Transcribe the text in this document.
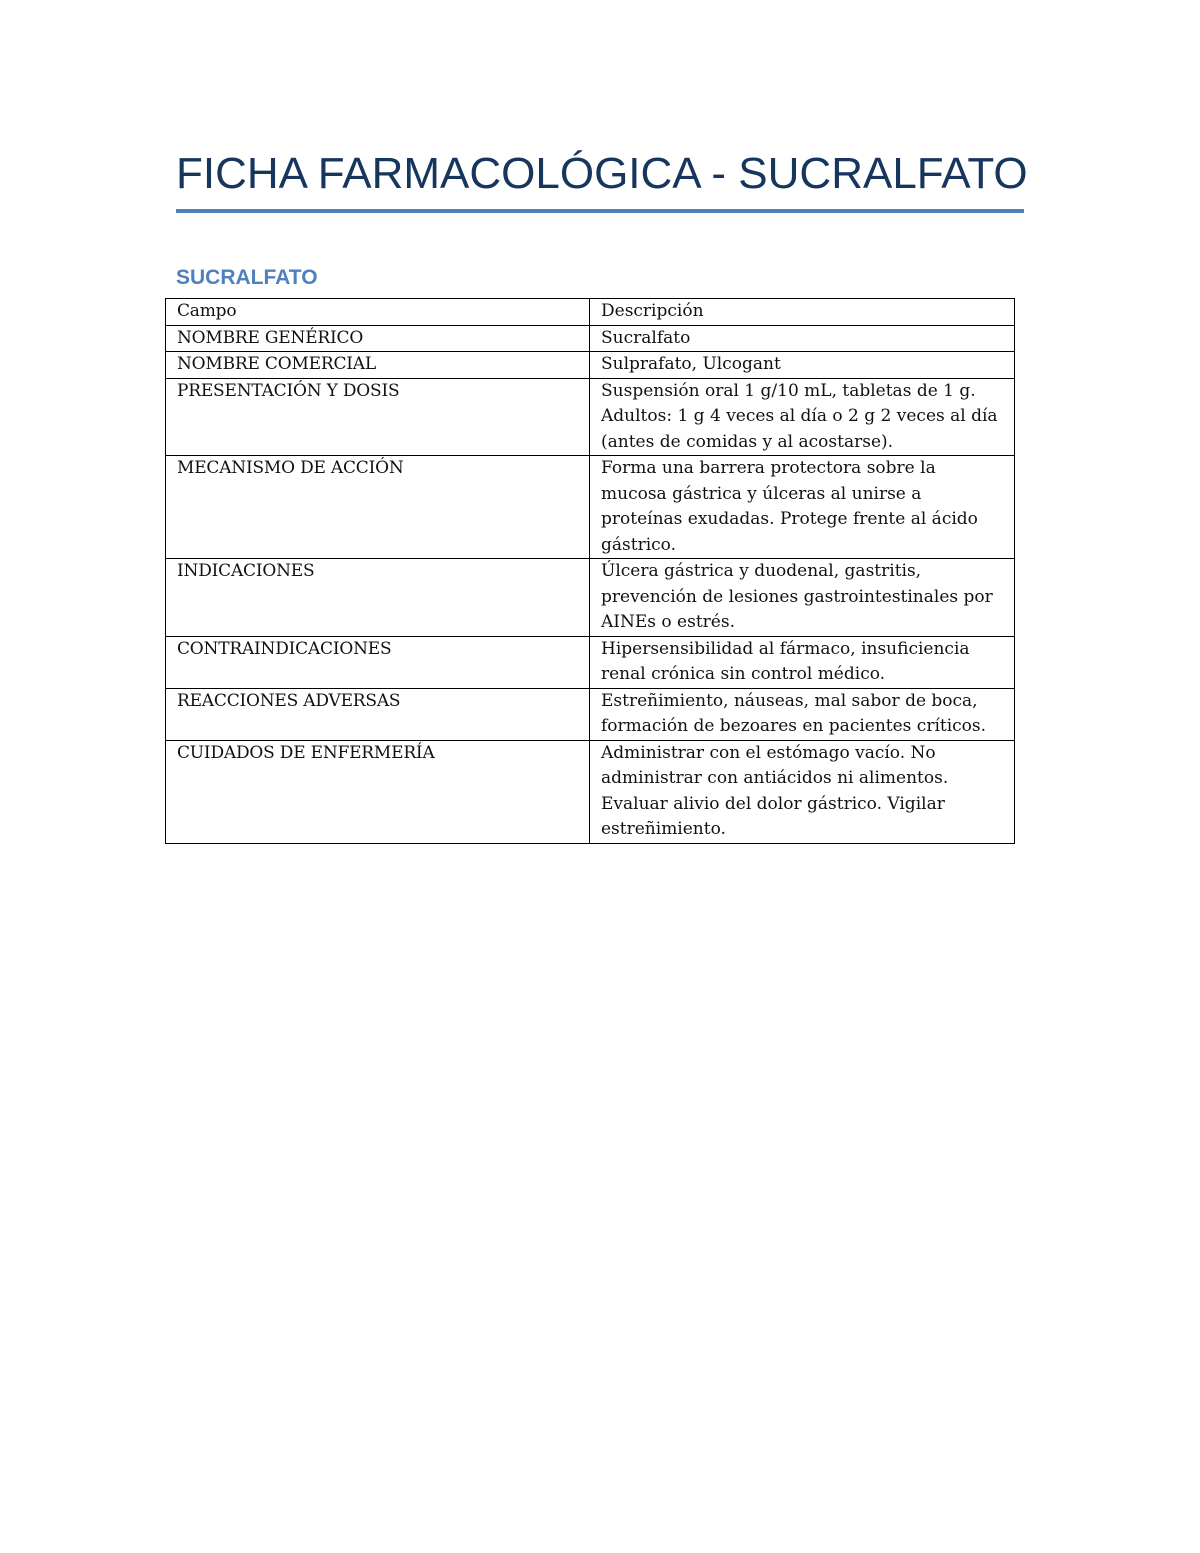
FICHA FARMACOLÓGICA - SUCRALFATO
SUCRALFATO
Campo	Descripción
NOMBRE GENÉRICO	Sucralfato
NOMBRE COMERCIAL	Sulprafato, Ulcogant
PRESENTACIÓN Y DOSIS	Suspensión oral 1 g/10 mL, tabletas de 1 g. Adultos: 1 g 4 veces al día o 2 g 2 veces al día (antes de comidas y al acostarse).
MECANISMO DE ACCIÓN	Forma una barrera protectora sobre la mucosa gástrica y úlceras al unirse a proteínas exudadas. Protege frente al ácido gástrico.
INDICACIONES	Úlcera gástrica y duodenal, gastritis, prevención de lesiones gastrointestinales por AINEs o estrés.
CONTRAINDICACIONES	Hipersensibilidad al fármaco, insuficiencia renal crónica sin control médico.
REACCIONES ADVERSAS	Estreñimiento, náuseas, mal sabor de boca, formación de bezoares en pacientes críticos.
CUIDADOS DE ENFERMERÍA	Administrar con el estómago vacío. No administrar con antiácidos ni alimentos. Evaluar alivio del dolor gástrico. Vigilar estreñimiento.
